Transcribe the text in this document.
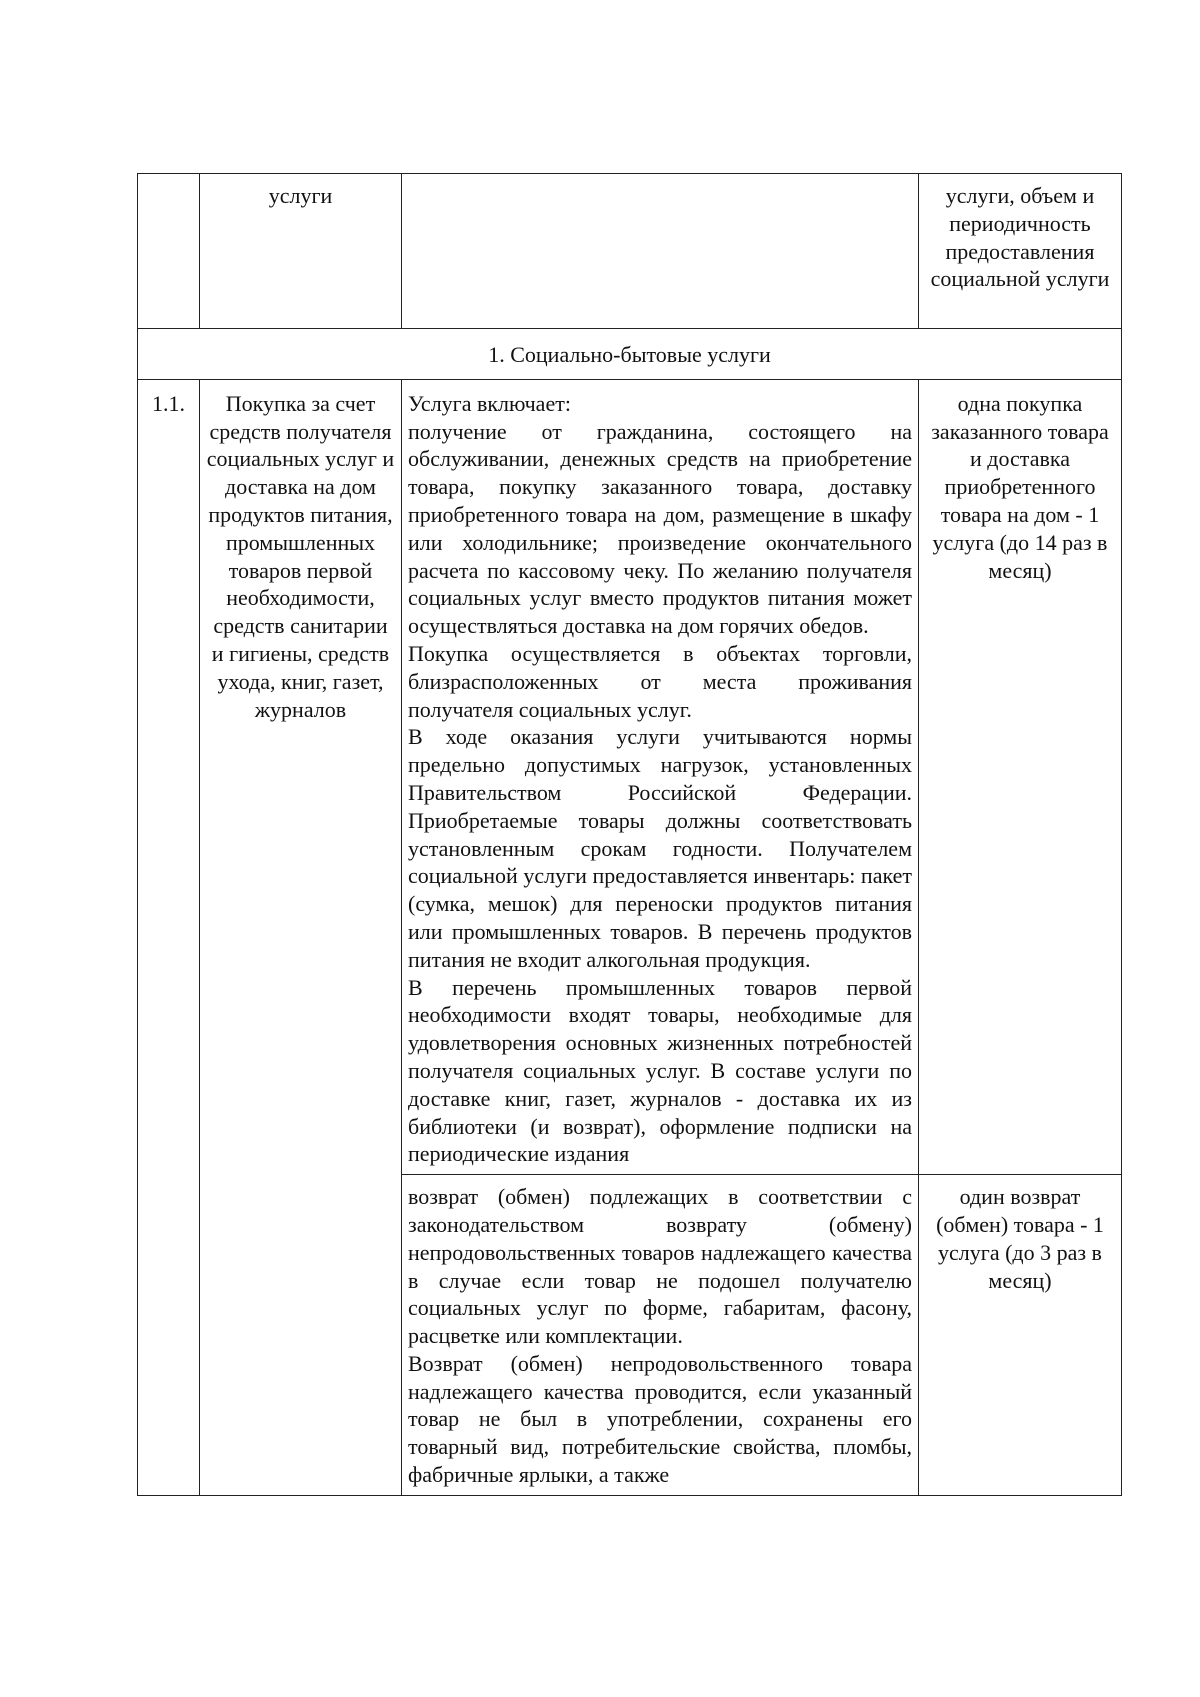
	услуги		услуги, объем и периодичность предоставления социальной услуги
1. Социально-бытовые услуги			
1.1.	Покупка за счет средств получателя социальных услуг и доставка на дом продуктов питания, промышленных товаров первой необходимости, средств санитарии и гигиены, средств ухода, книг, газет, журналов	Услуга включает:

получение от гражданина, состоящего на обслуживании, денежных средств на приобретение товара, покупку заказанного товара, доставку приобретенного товара на дом, размещение в шкафу или холодильнике; произведение окончательного расчета по кассовому чеку. По желанию получателя социальных услуг вместо продуктов питания может осуществляться доставка на дом горячих обедов.

Покупка осуществляется в объектах торговли, близрасположенных от места проживания получателя социальных услуг.

В ходе оказания услуги учитываются нормы предельно допустимых нагрузок, установленных Правительством Российской Федерации. Приобретаемые товары должны соответствовать установленным срокам годности. Получателем социальной услуги предоставляется инвентарь: пакет (сумка, мешок) для переноски продуктов питания или промышленных товаров. В перечень продуктов питания не входит алкогольная продукция.

В перечень промышленных товаров первой необходимости входят товары, необходимые для удовлетворения основных жизненных потребностей получателя социальных услуг. В составе услуги по доставке книг, газет, журналов - доставка их из библиотеки (и возврат), оформление подписки на периодические издания	одна покупка заказанного товара и доставка приобретенного товара на дом - 1 услуга (до 14 раз в месяц)

		возврат (обмен) подлежащих в соответствии с законодательством возврату (обмену) непродовольственных товаров надлежащего качества в случае если товар не подошел получателю социальных услуг по форме, габаритам, фасону, расцветке или комплектации.

Возврат (обмен) непродовольственного товара надлежащего качества проводится, если указанный товар не был в употреблении, сохранены его товарный вид, потребительские свойства, пломбы, фабричные ярлыки, а также	один возврат (обмен) товара - 1 услуга (до 3 раз в месяц)
